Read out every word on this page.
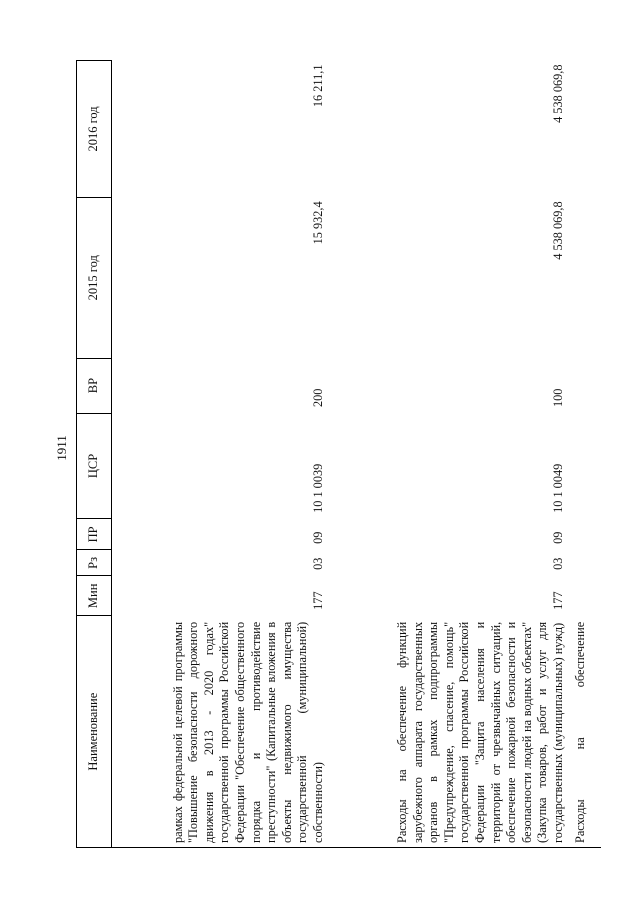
1911
Наименование	Мин	Рз	ПР	ЦСР	ВР	2015 год	2016 год
рамках федеральной целевой программы "Повышение безопасности дорожного движения в 2013 - 2020 годах" государственной программы Российской Федерации "Обеспечение общественного порядка и противодействие преступности" (Капитальные вложения в объекты недвижимого имущества государственной (муниципальной) собственности)	177	03	09	10 1 0039	200	15 932,4	16 211,1
Расходы на обеспечение функций зарубежного аппарата государственных органов в рамках подпрограммы "Предупреждение, спасение, помощь" государственной программы Российской Федерации "Защита населения и территорий от чрезвычайных ситуаций, обеспечение пожарной безопасности и безопасности людей на водных объектах" (Закупка товаров, работ и услуг для государственных (муниципальных) нужд)	177	03	09	10 1 0049	100	4 538 069,8	4 538 069,8
Расходы на обеспечение							
